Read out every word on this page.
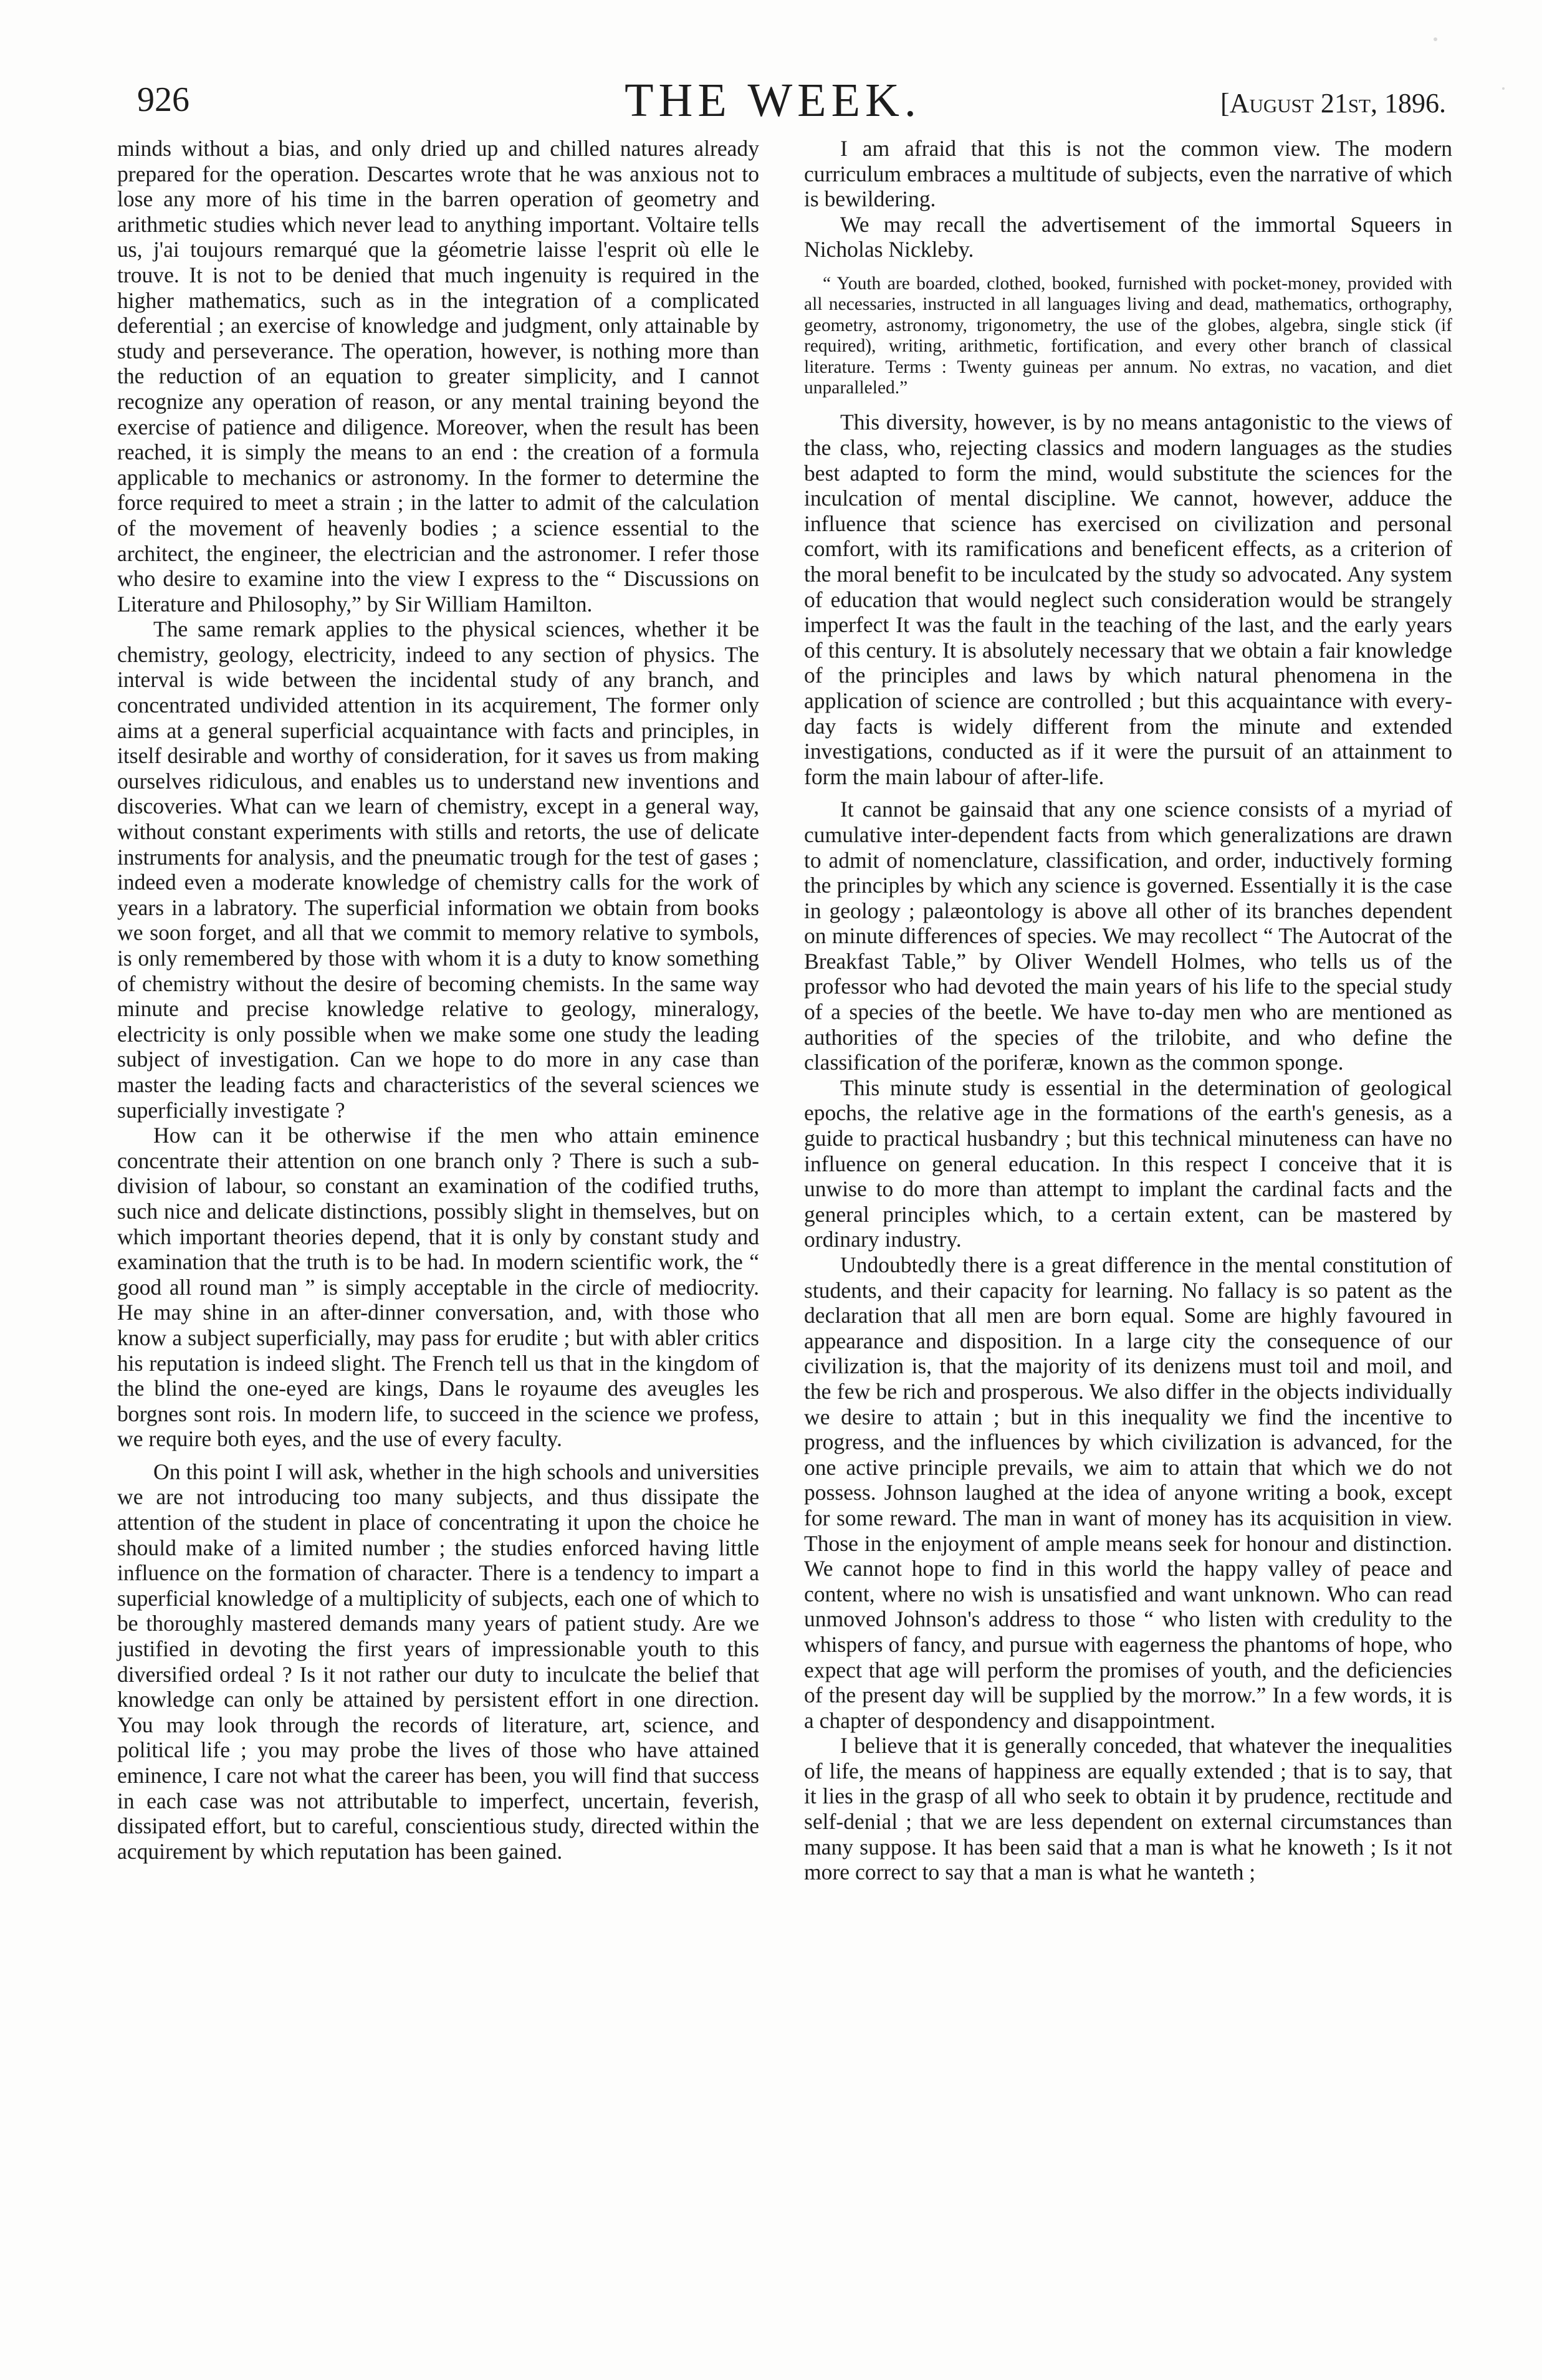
926	THE WEEK.	[August 21st, 1896.

minds without a bias, and only dried up and chilled natures already prepared for the operation. Descartes wrote that he was anxious not to lose any more of his time in the barren operation of geometry and arithmetic studies which never lead to anything important. Voltaire tells us, j'ai toujours remarqué que la géometrie laisse l'esprit où elle le trouve. It is not to be denied that much ingenuity is required in the higher mathematics, such as in the integration of a complicated deferential ; an exercise of knowledge and judgment, only attainable by study and perseverance. The operation, however, is nothing more than the reduction of an equation to greater simplicity, and I cannot recognize any operation of reason, or any mental training beyond the exercise of patience and diligence. Moreover, when the result has been reached, it is simply the means to an end : the creation of a formula applicable to mechanics or astronomy. In the former to determine the force required to meet a strain ; in the latter to admit of the calculation of the movement of heavenly bodies ; a science essential to the architect, the engineer, the electrician and the astronomer. I refer those who desire to examine into the view I express to the “ Discussions on Literature and Philosophy,” by Sir William Hamilton.

The same remark applies to the physical sciences, whether it be chemistry, geology, electricity, indeed to any section of physics. The interval is wide between the incidental study of any branch, and concentrated undivided attention in its acquirement, The former only aims at a general superficial acquaintance with facts and principles, in itself desirable and worthy of consideration, for it saves us from making ourselves ridiculous, and enables us to understand new inventions and discoveries. What can we learn of chemistry, except in a general way, without constant experiments with stills and retorts, the use of delicate instruments for analysis, and the pneumatic trough for the test of gases ; indeed even a moderate knowledge of chemistry calls for the work of years in a labratory. The superficial information we obtain from books we soon forget, and all that we commit to memory relative to symbols, is only remembered by those with whom it is a duty to know something of chemistry without the desire of becoming chemists. In the same way minute and precise knowledge relative to geology, mineralogy, electricity is only possible when we make some one study the leading subject of investigation. Can we hope to do more in any case than master the leading facts and characteristics of the several sciences we superficially investigate ?

How can it be otherwise if the men who attain eminence concentrate their attention on one branch only ? There is such a sub-division of labour, so constant an examination of the codified truths, such nice and delicate distinctions, possibly slight in themselves, but on which important theories depend, that it is only by constant study and examination that the truth is to be had. In modern scientific work, the “ good all round man ” is simply acceptable in the circle of mediocrity. He may shine in an after-dinner conversation, and, with those who know a subject superficially, may pass for erudite ; but with abler critics his reputation is indeed slight. The French tell us that in the kingdom of the blind the one-eyed are kings, Dans le royaume des aveugles les borgnes sont rois. In modern life, to succeed in the science we profess, we require both eyes, and the use of every faculty.

On this point I will ask, whether in the high schools and universities we are not introducing too many subjects, and thus dissipate the attention of the student in place of concentrating it upon the choice he should make of a limited number ; the studies enforced having little influence on the formation of character. There is a tendency to impart a superficial knowledge of a multiplicity of subjects, each one of which to be thoroughly mastered demands many years of patient study. Are we justified in devoting the first years of impressionable youth to this diversified ordeal ? Is it not rather our duty to inculcate the belief that knowledge can only be attained by persistent effort in one direction. You may look through the records of literature, art, science, and political life ; you may probe the lives of those who have attained eminence, I care not what the career has been, you will find that success in each case was not attributable to imperfect, uncertain, feverish, dissipated effort, but to careful, conscientious study, directed within the acquirement by which reputation has been gained.

I am afraid that this is not the common view. The modern curriculum embraces a multitude of subjects, even the narrative of which is bewildering.

We may recall the advertisement of the immortal Squeers in Nicholas Nickleby.

“ Youth are boarded, clothed, booked, furnished with pocket-money, provided with all necessaries, instructed in all languages living and dead, mathematics, orthography, geometry, astronomy, trigonometry, the use of the globes, algebra, single stick (if required), writing, arithmetic, fortification, and every other branch of classical literature. Terms : Twenty guineas per annum. No extras, no vacation, and diet unparalleled.”

This diversity, however, is by no means antagonistic to the views of the class, who, rejecting classics and modern languages as the studies best adapted to form the mind, would substitute the sciences for the inculcation of mental discipline. We cannot, however, adduce the influence that science has exercised on civilization and personal comfort, with its ramifications and beneficent effects, as a criterion of the moral benefit to be inculcated by the study so advocated. Any system of education that would neglect such consideration would be strangely imperfect It was the fault in the teaching of the last, and the early years of this century. It is absolutely necessary that we obtain a fair knowledge of the principles and laws by which natural phenomena in the application of science are controlled ; but this acquaintance with every-day facts is widely different from the minute and extended investigations, conducted as if it were the pursuit of an attainment to form the main labour of after-life.

It cannot be gainsaid that any one science consists of a myriad of cumulative inter-dependent facts from which generalizations are drawn to admit of nomenclature, classification, and order, inductively forming the principles by which any science is governed. Essentially it is the case in geology ; palæontology is above all other of its branches dependent on minute differences of species. We may recollect “ The Autocrat of the Breakfast Table,” by Oliver Wendell Holmes, who tells us of the professor who had devoted the main years of his life to the special study of a species of the beetle. We have to-day men who are mentioned as authorities of the species of the trilobite, and who define the classification of the poriferæ, known as the common sponge.

This minute study is essential in the determination of geological epochs, the relative age in the formations of the earth's genesis, as a guide to practical husbandry ; but this technical minuteness can have no influence on general education. In this respect I conceive that it is unwise to do more than attempt to implant the cardinal facts and the general principles which, to a certain extent, can be mastered by ordinary industry.

Undoubtedly there is a great difference in the mental constitution of students, and their capacity for learning. No fallacy is so patent as the declaration that all men are born equal. Some are highly favoured in appearance and disposition. In a large city the consequence of our civilization is, that the majority of its denizens must toil and moil, and the few be rich and prosperous. We also differ in the objects individually we desire to attain ; but in this inequality we find the incentive to progress, and the influences by which civilization is advanced, for the one active principle prevails, we aim to attain that which we do not possess. Johnson laughed at the idea of anyone writing a book, except for some reward. The man in want of money has its acquisition in view. Those in the enjoyment of ample means seek for honour and distinction. We cannot hope to find in this world the happy valley of peace and content, where no wish is unsatisfied and want unknown. Who can read unmoved Johnson's address to those “ who listen with credulity to the whispers of fancy, and pursue with eagerness the phantoms of hope, who expect that age will perform the promises of youth, and the deficiencies of the present day will be supplied by the morrow.” In a few words, it is a chapter of despondency and disappointment.

I believe that it is generally conceded, that whatever the inequalities of life, the means of happiness are equally extended ; that is to say, that it lies in the grasp of all who seek to obtain it by prudence, rectitude and self-denial ; that we are less dependent on external circumstances than many suppose. It has been said that a man is what he knoweth ; Is it not more correct to say that a man is what he wanteth ;
